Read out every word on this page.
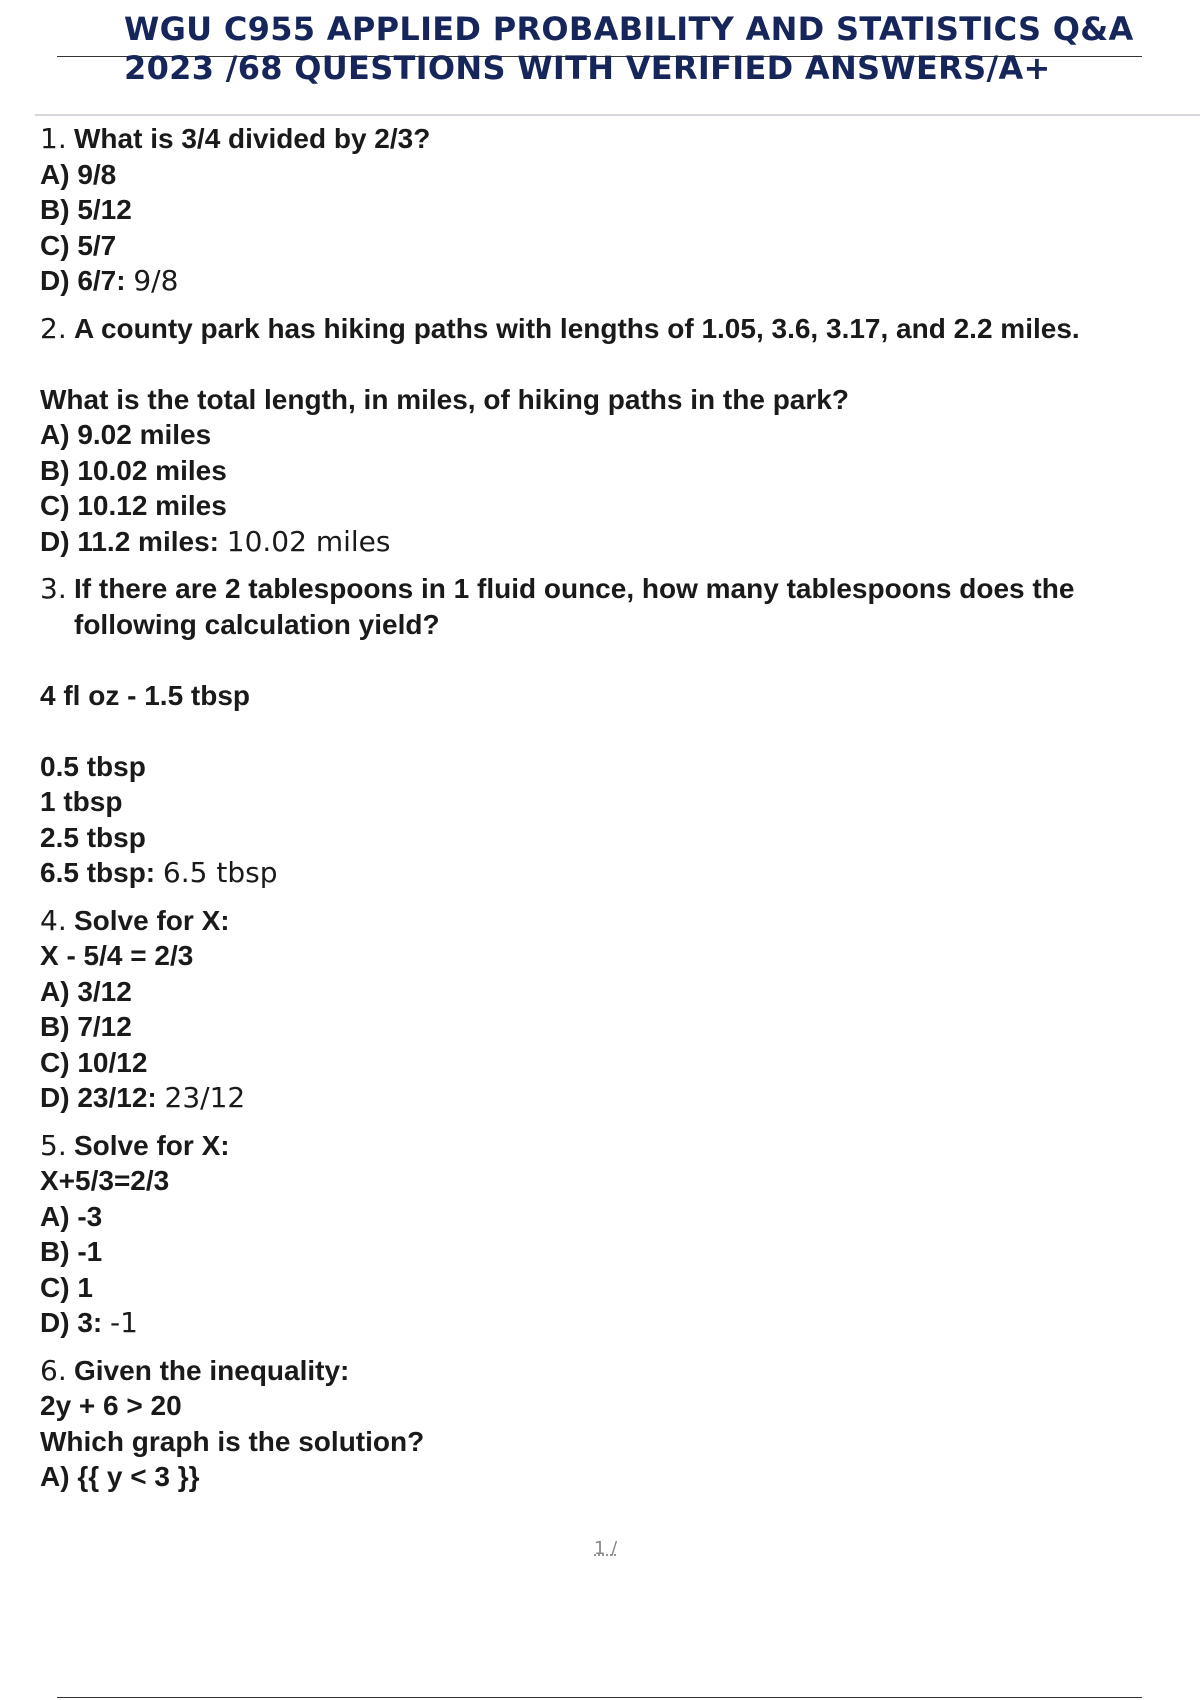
WGU C955 APPLIED PROBABILITY AND STATISTICS Q&A 2023 /68 QUESTIONS WITH VERIFIED ANSWERS/A+
1. What is 3/4 divided by 2/3?
A) 9/8
B) 5/12
C) 5/7
D) 6/7: 9/8
2. A county park has hiking paths with lengths of 1.05, 3.6, 3.17, and 2.2 miles.
What is the total length, in miles, of hiking paths in the park?
A) 9.02 miles
B) 10.02 miles
C) 10.12 miles
D) 11.2 miles: 10.02 miles
3. If there are 2 tablespoons in 1 fluid ounce, how many tablespoons does the following calculation yield?
4 fl oz - 1.5 tbsp
0.5 tbsp
1 tbsp
2.5 tbsp
6.5 tbsp: 6.5 tbsp
4. Solve for X:
X - 5/4 = 2/3
A) 3/12
B) 7/12
C) 10/12
D) 23/12: 23/12
5. Solve for X:
X+5/3=2/3
A) -3
B) -1
C) 1
D) 3: -1
6. Given the inequality:
2y + 6 > 20
Which graph is the solution?
A) {{ y < 3 }}
1 /
